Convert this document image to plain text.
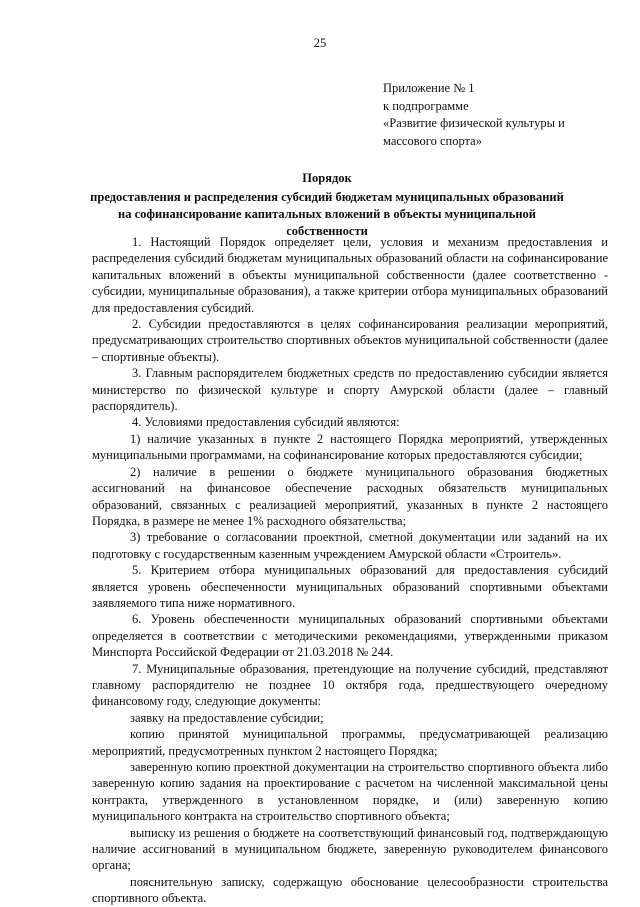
25
Приложение № 1
к подпрограмме
«Развитие физической культуры и
массового спорта»
Порядок
предоставления и распределения субсидий бюджетам муниципальных образований на софинансирование капитальных вложений в объекты муниципальной собственности

1. Настоящий Порядок определяет цели, условия и механизм предоставления и распределения субсидий бюджетам муниципальных образований области на софинансирование капитальных вложений в объекты муниципальной собственности (далее соответственно - субсидии, муниципальные образования), а также критерии отбора муниципальных образований для предоставления субсидий.

2. Субсидии предоставляются в целях софинансирования реализации мероприятий, предусматривающих строительство спортивных объектов муниципальной собственности (далее – спортивные объекты).

3. Главным распорядителем бюджетных средств по предоставлению субсидии является министерство по физической культуре и спорту Амурской области (далее – главный распорядитель).

4. Условиями предоставления субсидий являются:

1) наличие указанных в пункте 2 настоящего Порядка мероприятий, утвержденных муниципальными программами, на софинансирование которых предоставляются субсидии;

2) наличие в решении о бюджете муниципального образования бюджетных ассигнований на финансовое обеспечение расходных обязательств муниципальных образований, связанных с реализацией мероприятий, указанных в пункте 2 настоящего Порядка, в размере не менее 1% расходного обязательства;

3) требование о согласовании проектной, сметной документации или заданий на их подготовку с государственным казенным учреждением Амурской области «Строитель».

5. Критерием отбора муниципальных образований для предоставления субсидий является уровень обеспеченности муниципальных образований спортивными объектами заявляемого типа ниже нормативного.

6. Уровень обеспеченности муниципальных образований спортивными объектами определяется в соответствии с методическими рекомендациями, утвержденными приказом Минспорта Российской Федерации от 21.03.2018 № 244.

7. Муниципальные образования, претендующие на получение субсидий, представляют главному распорядителю не позднее 10 октября года, предшествующего очередному финансовому году, следующие документы:

заявку на предоставление субсидии;

копию принятой муниципальной программы, предусматривающей реализацию мероприятий, предусмотренных пунктом 2 настоящего Порядка;

заверенную копию проектной документации на строительство спортивного объекта либо заверенную копию задания на проектирование с расчетом на численной максимальной цены контракта, утвержденного в установленном порядке, и (или) заверенную копию муниципального контракта на строительство спортивного объекта;

выписку из решения о бюджете на соответствующий финансовый год, подтверждающую наличие ассигнований в муниципальном бюджете, заверенную руководителем финансового органа;

пояснительную записку, содержащую обоснование целесообразности строительства спортивного объекта.
